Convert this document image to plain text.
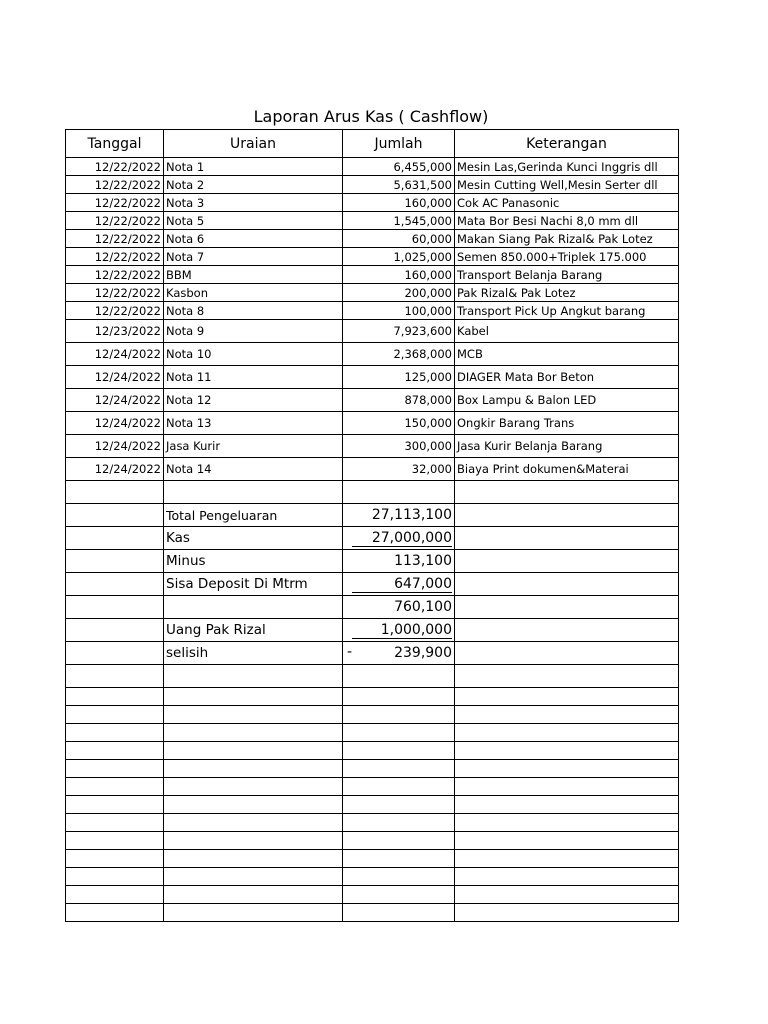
Laporan Arus Kas ( Cashflow)
Tanggal	Uraian	Jumlah	Keterangan
12/22/2022	Nota 1	6,455,000	Mesin Las,Gerinda Kunci Inggris dll
12/22/2022	Nota 2	5,631,500	Mesin Cutting Well,Mesin Serter dll
12/22/2022	Nota 3	160,000	Cok AC Panasonic
12/22/2022	Nota 5	1,545,000	Mata Bor Besi Nachi 8,0 mm dll
12/22/2022	Nota 6	60,000	Makan Siang Pak Rizal& Pak Lotez
12/22/2022	Nota 7	1,025,000	Semen 850.000+Triplek 175.000
12/22/2022	BBM	160,000	Transport Belanja Barang
12/22/2022	Kasbon	200,000	Pak Rizal& Pak Lotez
12/22/2022	Nota 8	100,000	Transport Pick Up Angkut barang
12/23/2022	Nota 9	7,923,600	Kabel
12/24/2022	Nota 10	2,368,000	MCB
12/24/2022	Nota 11	125,000	DIAGER Mata Bor Beton
12/24/2022	Nota 12	878,000	Box Lampu & Balon LED
12/24/2022	Nota 13	150,000	Ongkir Barang Trans
12/24/2022	Jasa Kurir	300,000	Jasa Kurir Belanja Barang
12/24/2022	Nota 14	32,000	Biaya Print dokumen&Materai

	Total Pengeluaran	27,113,100	
	Kas	27,000,000	
	Minus	113,100	
	Sisa Deposit Di Mtrm	647,000	
		760,100	
	Uang Pak Rizal	1,000,000	
	selisih	- 239,900	
